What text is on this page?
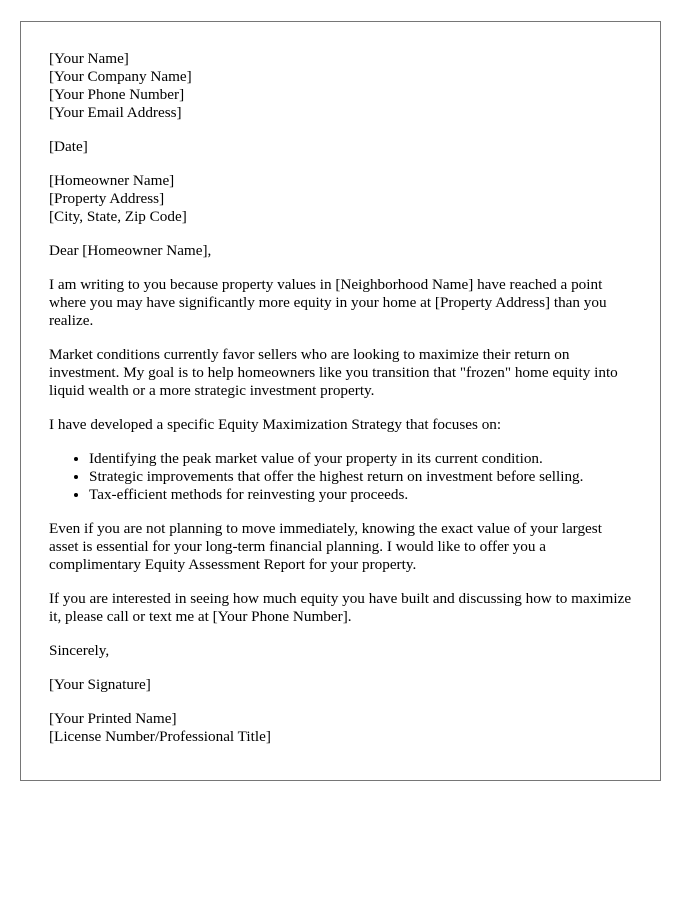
[Your Name]
[Your Company Name]
[Your Phone Number]
[Your Email Address]

[Date]

[Homeowner Name]
[Property Address]
[City, State, Zip Code]

Dear [Homeowner Name],

I am writing to you because property values in [Neighborhood Name] have reached a point where you may have significantly more equity in your home at [Property Address] than you realize.

Market conditions currently favor sellers who are looking to maximize their return on investment. My goal is to help homeowners like you transition that "frozen" home equity into liquid wealth or a more strategic investment property.

I have developed a specific Equity Maximization Strategy that focuses on:

• Identifying the peak market value of your property in its current condition.
• Strategic improvements that offer the highest return on investment before selling.
• Tax-efficient methods for reinvesting your proceeds.

Even if you are not planning to move immediately, knowing the exact value of your largest asset is essential for your long-term financial planning. I would like to offer you a complimentary Equity Assessment Report for your property.

If you are interested in seeing how much equity you have built and discussing how to maximize it, please call or text me at [Your Phone Number].

Sincerely,

[Your Signature]

[Your Printed Name]
[License Number/Professional Title]
